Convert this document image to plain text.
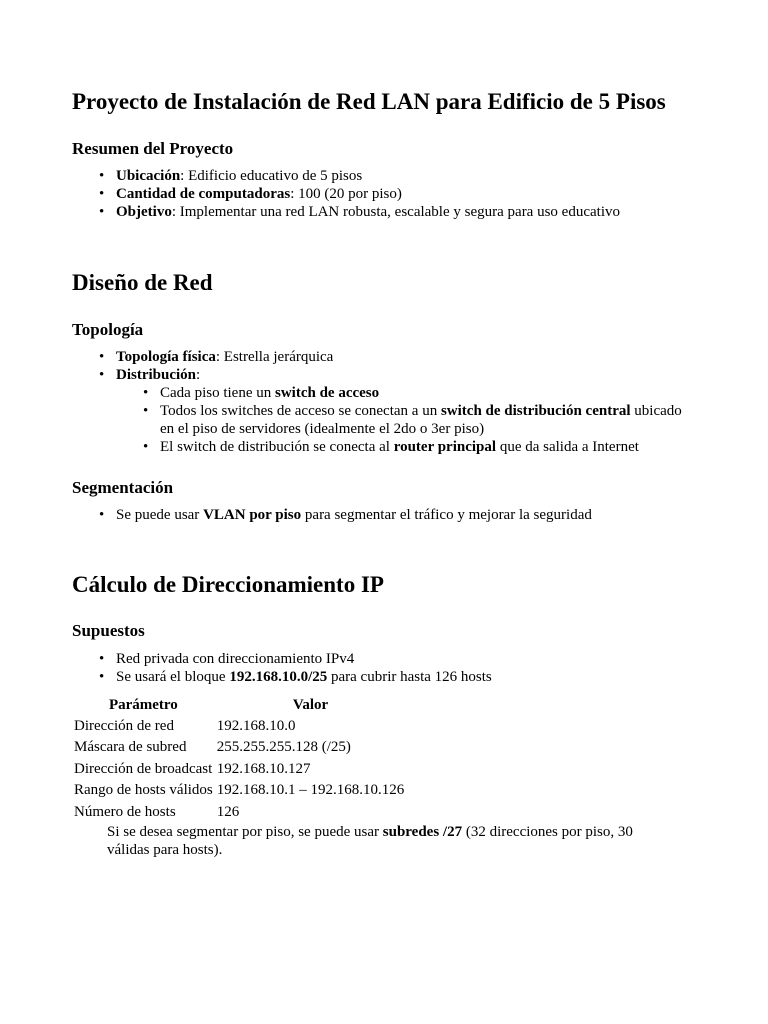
Proyecto de Instalación de Red LAN para Edificio de 5 Pisos
Resumen del Proyecto
• Ubicación: Edificio educativo de 5 pisos
• Cantidad de computadoras: 100 (20 por piso)
• Objetivo: Implementar una red LAN robusta, escalable y segura para uso educativo
Diseño de Red
Topología
• Topología física: Estrella jerárquica
• Distribución:
• Cada piso tiene un switch de acceso
• Todos los switches de acceso se conectan a un switch de distribución central ubicado en el piso de servidores (idealmente el 2do o 3er piso)
• El switch de distribución se conecta al router principal que da salida a Internet
Segmentación
• Se puede usar VLAN por piso para segmentar el tráfico y mejorar la seguridad
Cálculo de Direccionamiento IP
Supuestos
• Red privada con direccionamiento IPv4
• Se usará el bloque 192.168.10.0/25 para cubrir hasta 126 hosts
Parámetro	Valor
Dirección de red	192.168.10.0
Máscara de subred	255.255.255.128 (/25)
Dirección de broadcast	192.168.10.127
Rango de hosts válidos	192.168.10.1 – 192.168.10.126
Número de hosts	126

Si se desea segmentar por piso, se puede usar subredes /27 (32 direcciones por piso, 30 válidas para hosts).
